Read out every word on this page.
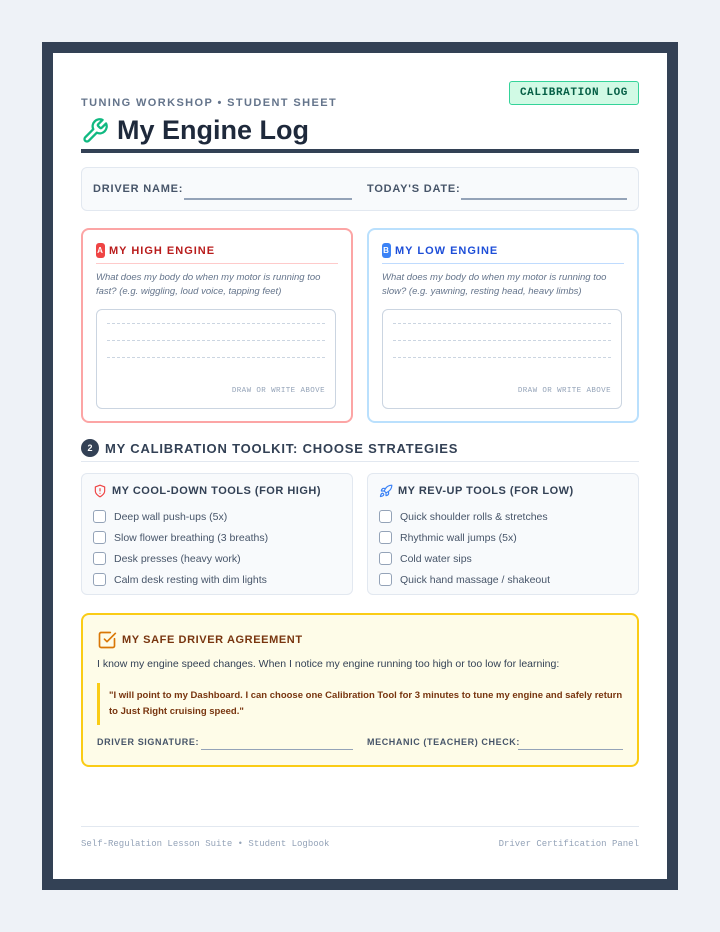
TUNING WORKSHOP • STUDENT SHEET
CALIBRATION LOG
My Engine Log
DRIVER NAME:	TODAY'S DATE:
A MY HIGH ENGINE
What does my body do when my motor is running too fast? (e.g. wiggling, loud voice, tapping feet)
DRAW OR WRITE ABOVE
B MY LOW ENGINE
What does my body do when my motor is running too slow? (e.g. yawning, resting head, heavy limbs)
DRAW OR WRITE ABOVE
2 MY CALIBRATION TOOLKIT: CHOOSE STRATEGIES
MY COOL-DOWN TOOLS (FOR HIGH)
Deep wall push-ups (5x)
Slow flower breathing (3 breaths)
Desk presses (heavy work)
Calm desk resting with dim lights
MY REV-UP TOOLS (FOR LOW)
Quick shoulder rolls & stretches
Rhythmic wall jumps (5x)
Cold water sips
Quick hand massage / shakeout
MY SAFE DRIVER AGREEMENT
I know my engine speed changes. When I notice my engine running too high or too low for learning:
"I will point to my Dashboard. I can choose one Calibration Tool for 3 minutes to tune my engine and safely return to Just Right cruising speed."
DRIVER SIGNATURE:	MECHANIC (TEACHER) CHECK:
Self-Regulation Lesson Suite • Student Logbook	Driver Certification Panel
